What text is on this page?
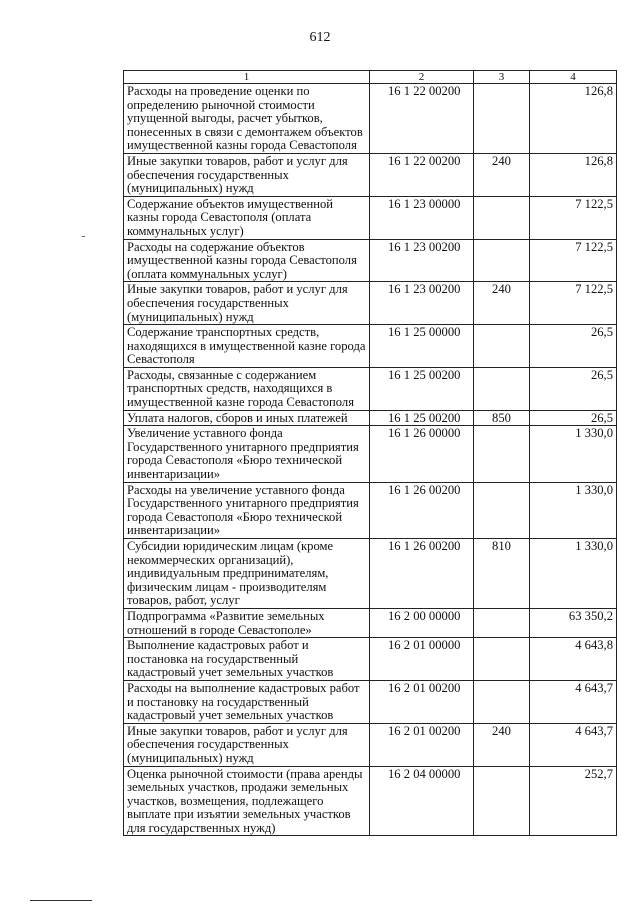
612
1	2	3	4
Расходы на проведение оценки по определению рыночной стоимости упущенной выгоды, расчет убытков, понесенных в связи с демонтажем объектов имущественной казны города Севастополя	16 1 22 00200		126,8
Иные закупки товаров, работ и услуг для обеспечения государственных (муниципальных) нужд	16 1 22 00200	240	126,8
Содержание объектов имущественной казны города Севастополя (оплата коммунальных услуг)	16 1 23 00000		7 122,5
Расходы на содержание объектов имущественной казны города Севастополя (оплата коммунальных услуг)	16 1 23 00200		7 122,5
Иные закупки товаров, работ и услуг для обеспечения государственных (муниципальных) нужд	16 1 23 00200	240	7 122,5
Содержание транспортных средств, находящихся в имущественной казне города Севастополя	16 1 25 00000		26,5
Расходы, связанные с содержанием транспортных средств, находящихся в имущественной казне города Севастополя	16 1 25 00200		26,5
Уплата налогов, сборов и иных платежей	16 1 25 00200	850	26,5
Увеличение уставного фонда Государственного унитарного предприятия города Севастополя «Бюро технической инвентаризации»	16 1 26 00000		1 330,0
Расходы на увеличение уставного фонда Государственного унитарного предприятия города Севастополя «Бюро технической инвентаризации»	16 1 26 00200		1 330,0
Субсидии юридическим лицам (кроме некоммерческих организаций), индивидуальным предпринимателям, физическим лицам - производителям товаров, работ, услуг	16 1 26 00200	810	1 330,0
Подпрограмма «Развитие земельных отношений в городе Севастополе»	16 2 00 00000		63 350,2
Выполнение кадастровых работ и постановка на государственный кадастровый учет земельных участков	16 2 01 00000		4 643,8
Расходы на выполнение кадастровых работ и постановку на государственный кадастровый учет земельных участков	16 2 01 00200		4 643,7
Иные закупки товаров, работ и услуг для обеспечения государственных (муниципальных) нужд	16 2 01 00200	240	4 643,7
Оценка рыночной стоимости (права аренды земельных участков, продажи земельных участков, возмещения, подлежащего выплате при изъятии земельных участков для государственных нужд)	16 2 04 00000		252,7
